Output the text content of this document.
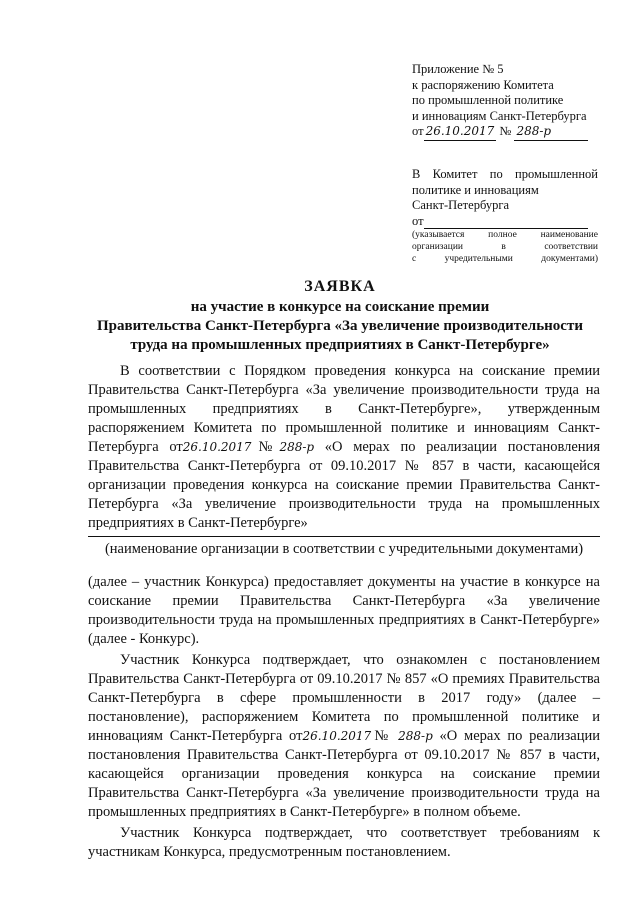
Приложение № 5
к распоряжению Комитета
по промышленной политике
и инновациям Санкт-Петербурга
от 26.10.2017 № 288-р
В Комитет по промышленной
политике и инновациям
Санкт-Петербурга
от
(указывается полное наименование
организации в соответствии
с учредительными документами)
ЗАЯВКА
на участие в конкурсе на соискание премии
Правительства Санкт-Петербурга «За увеличение производительности
труда на промышленных предприятиях в Санкт-Петербурге»

В соответствии с Порядком проведения конкурса на соискание премии Правительства Санкт-Петербурга «За увеличение производительности труда на промышленных предприятиях в Санкт-Петербурге», утвержденным распоряжением Комитета по промышленной политике и инновациям Санкт-Петербурга от26.10.2017№288-р «О мерах по реализации постановления Правительства Санкт-Петербурга от 09.10.2017 № 857 в части, касающейся организации проведения конкурса на соискание премии Правительства Санкт-Петербурга «За увеличение производительности труда на промышленных предприятиях в Санкт-Петербурге»

(наименование организации в соответствии с учредительными документами)

(далее – участник Конкурса) предоставляет документы на участие в конкурсе на соискание премии Правительства Санкт-Петербурга «За увеличение производительности труда на промышленных предприятиях в Санкт-Петербурге» (далее - Конкурс).

Участник Конкурса подтверждает, что ознакомлен с постановлением Правительства Санкт-Петербурга от 09.10.2017 № 857 «О премиях Правительства Санкт-Петербурга в сфере промышленности в 2017 году» (далее – постановление), распоряжением Комитета по промышленной политике и инновациям Санкт-Петербурга от26.10.2017№ 288-р «О мерах по реализации постановления Правительства Санкт-Петербурга от 09.10.2017 № 857 в части, касающейся организации проведения конкурса на соискание премии Правительства Санкт-Петербурга «За увеличение производительности труда на промышленных предприятиях в Санкт-Петербурге» в полном объеме.

Участник Конкурса подтверждает, что соответствует требованиям к участникам Конкурса, предусмотренным постановлением.
